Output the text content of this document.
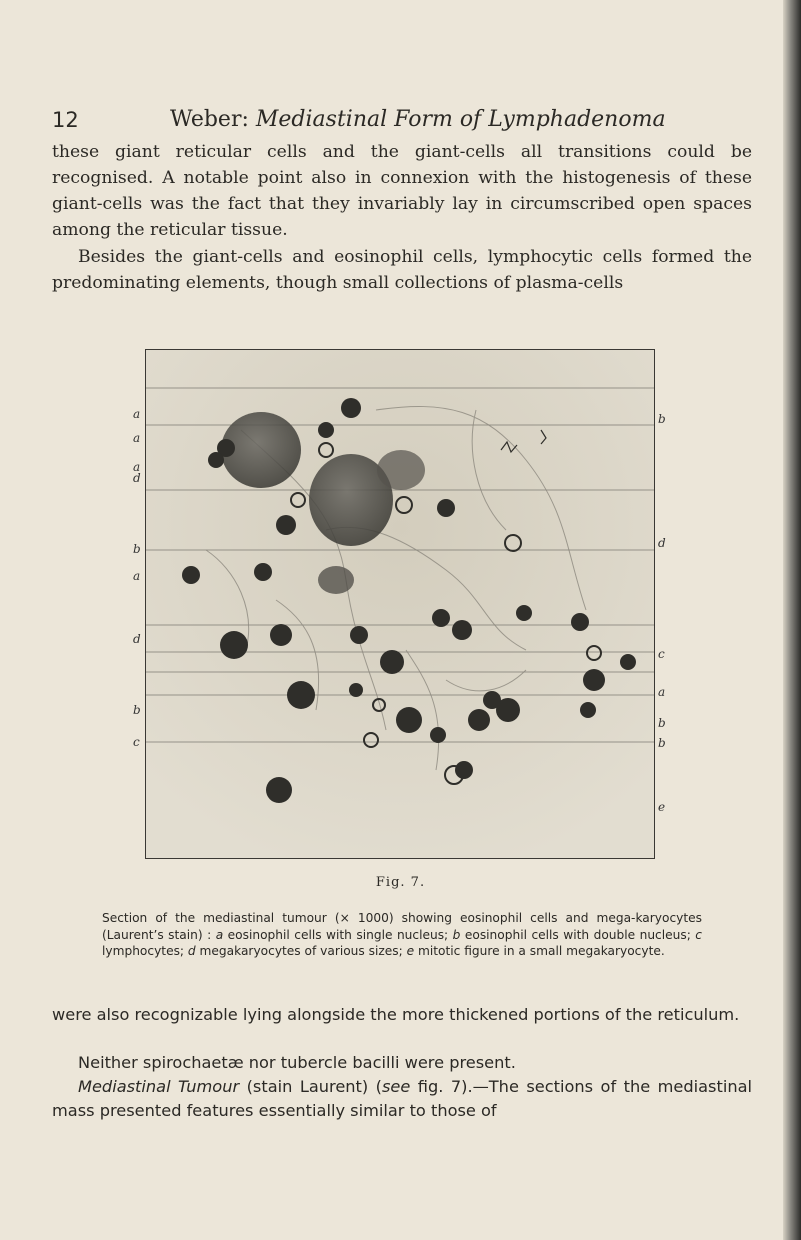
12	Weber: Mediastinal Form of Lymphadenoma

these giant reticular cells and the giant-cells all transitions could be recognised. A notable point also in connexion with the histogenesis of these giant-cells was the fact that they invariably lay in circumscribed open spaces among the reticular tissue.

Besides the giant-cells and eosinophil cells, lymphocytic cells formed the predominating elements, though small collections of plasma-cells

a
a
a
d
b
a
d
b
c
b
d
c
a
b
b
e
Fig. 7.

Section of the mediastinal tumour (× 1000) showing eosinophil cells and mega-karyocytes (Laurent’s stain) : a eosinophil cells with single nucleus; b eosinophil cells with double nucleus; c lymphocytes; d megakaryocytes of various sizes; e mitotic figure in a small megakaryocyte.

were also recognizable lying alongside the more thickened portions of the reticulum.

Neither spirochaetæ nor tubercle bacilli were present.

Mediastinal Tumour (stain Laurent) (see fig. 7).—The sections of the mediastinal mass presented features essentially similar to those of
